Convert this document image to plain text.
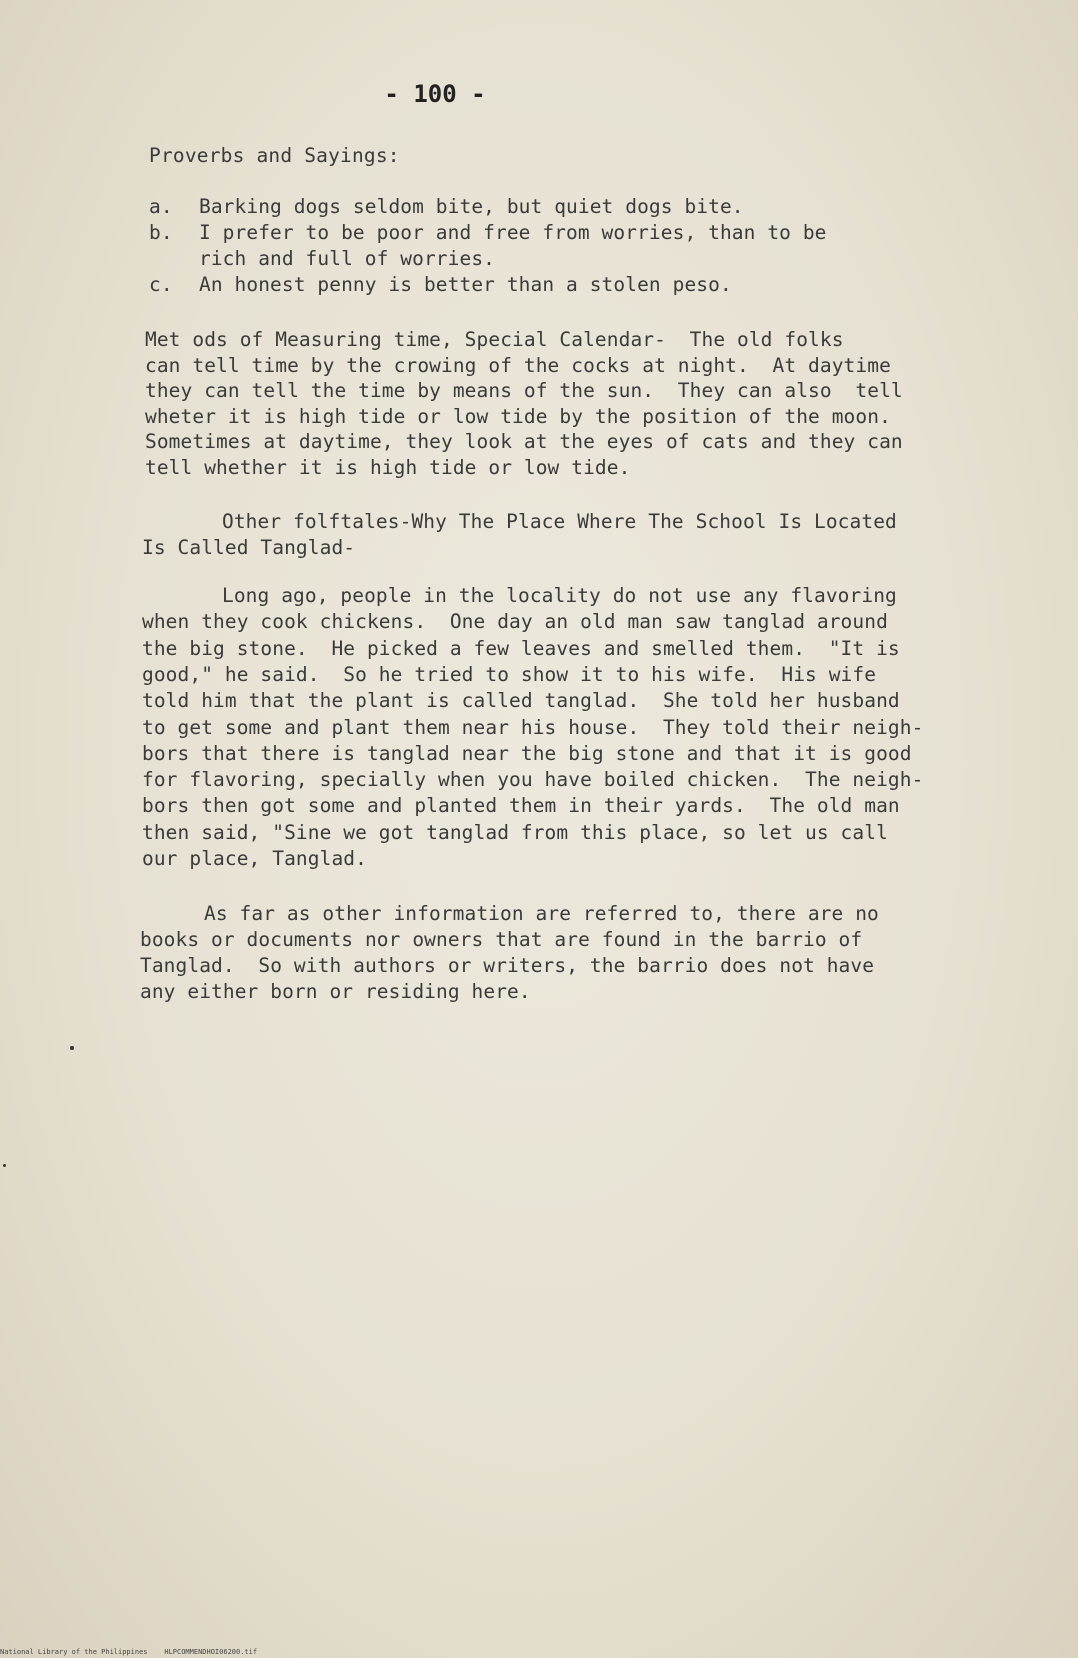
- 100 -
Proverbs and Sayings:
a. Barking dogs seldom bite, but quiet dogs bite.
b. I prefer to be poor and free from worries, than to be
rich and full of worries.
c. An honest penny is better than a stolen peso.
Met ods of Measuring time, Special Calendar-  The old folks
can tell time by the crowing of the cocks at night.  At daytime
they can tell the time by means of the sun.  They can also  tell
wheter it is high tide or low tide by the position of the moon.
Sometimes at daytime, they look at the eyes of cats and they can
tell whether it is high tide or low tide.
Other folftales-Why The Place Where The School Is Located
Is Called Tanglad-
Long ago, people in the locality do not use any flavoring
when they cook chickens.  One day an old man saw tanglad around
the big stone.  He picked a few leaves and smelled them.  "It is
good," he said.  So he tried to show it to his wife.  His wife
told him that the plant is called tanglad.  She told her husband
to get some and plant them near his house.  They told their neigh-
bors that there is tanglad near the big stone and that it is good
for flavoring, specially when you have boiled chicken.  The neigh-
bors then got some and planted them in their yards.  The old man
then said, "Sine we got tanglad from this place, so let us call
our place, Tanglad.
As far as other information are referred to, there are no
books or documents nor owners that are found in the barrio of
Tanglad.  So with authors or writers, the barrio does not have
any either born or residing here.
National Library of the Philippines    HLPCOMMENDHOI06200.tif
